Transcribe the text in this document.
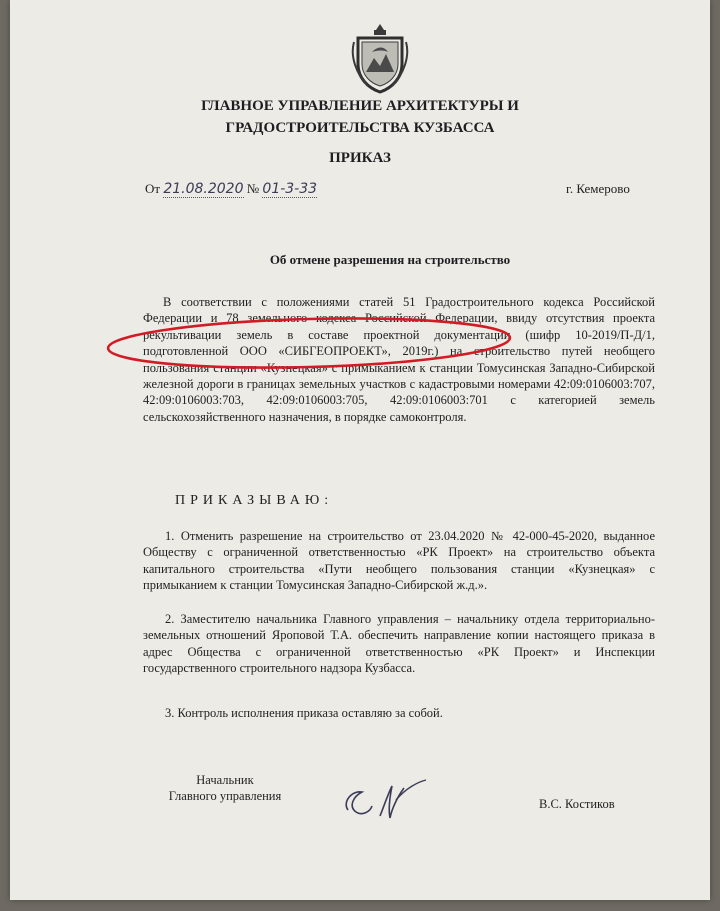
ГЛАВНОЕ УПРАВЛЕНИЕ АРХИТЕКТУРЫ И
ГРАДОСТРОИТЕЛЬСТВА КУЗБАССА
ПРИКАЗ
От 21.08.2020 № 01-3-33	г. Кемерово
Об отмене разрешения на строительство
В соответствии с положениями статей 51 Градостроительного кодекса Российской Федерации и 78 земельного кодекса Российской Федерации, ввиду отсутствия проекта рекультивации земель в составе проектной документации (шифр 10-2019/П-Д/1, подготовленной ООО «СИБГЕОПРОЕКТ», 2019г.) на строительство путей необщего пользования станции «Кузнецкая» с примыканием к станции Томусинская Западно-Сибирской железной дороги в границах земельных участков с кадастровыми номерами 42:09:0106003:707, 42:09:0106003:703, 42:09:0106003:705, 42:09:0106003:701 с категорией земель сельскохозяйственного назначения, в порядке самоконтроля.
ПРИКАЗЫВАЮ:
1. Отменить разрешение на строительство от 23.04.2020 № 42-000-45-2020, выданное Обществу с ограниченной ответственностью «РК Проект» на строительство объекта капитального строительства «Пути необщего пользования станции «Кузнецкая» с примыканием к станции Томусинская Западно-Сибирской ж.д.».
2. Заместителю начальника Главного управления – начальнику отдела территориально-земельных отношений Яроповой Т.А. обеспечить направление копии настоящего приказа в адрес Общества с ограниченной ответственностью «РК Проект» и Инспекции государственного строительного надзора Кузбасса.
3. Контроль исполнения приказа оставляю за собой.
Начальник
Главного управления
В.С. Костиков
